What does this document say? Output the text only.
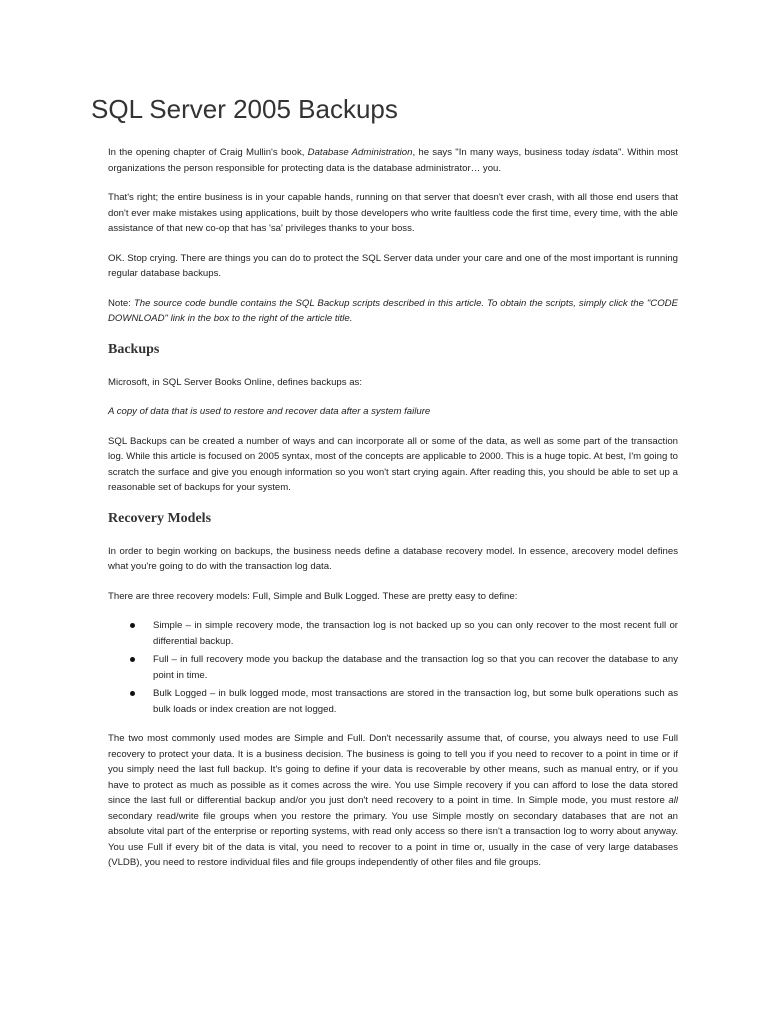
SQL Server 2005 Backups

In the opening chapter of Craig Mullin's book, Database Administration, he says "In many ways, business today isdata". Within most organizations the person responsible for protecting data is the database administrator… you.

That's right; the entire business is in your capable hands, running on that server that doesn't ever crash, with all those end users that don't ever make mistakes using applications, built by those developers who write faultless code the first time, every time, with the able assistance of that new co-op that has 'sa' privileges thanks to your boss.

OK. Stop crying. There are things you can do to protect the SQL Server data under your care and one of the most important is running regular database backups.

Note: The source code bundle contains the SQL Backup scripts described in this article. To obtain the scripts, simply click the "CODE DOWNLOAD" link in the box to the right of the article title.

Backups

Microsoft, in SQL Server Books Online, defines backups as:

A copy of data that is used to restore and recover data after a system failure

SQL Backups can be created a number of ways and can incorporate all or some of the data, as well as some part of the transaction log. While this article is focused on 2005 syntax, most of the concepts are applicable to 2000. This is a huge topic. At best, I'm going to scratch the surface and give you enough information so you won't start crying again. After reading this, you should be able to set up a reasonable set of backups for your system.

Recovery Models

In order to begin working on backups, the business needs define a database recovery model. In essence, arecovery model defines what you're going to do with the transaction log data.

There are three recovery models: Full, Simple and Bulk Logged. These are pretty easy to define:

Simple – in simple recovery mode, the transaction log is not backed up so you can only recover to the most recent full or differential backup.
Full – in full recovery mode you backup the database and the transaction log so that you can recover the database to any point in time.
Bulk Logged – in bulk logged mode, most transactions are stored in the transaction log, but some bulk operations such as bulk loads or index creation are not logged.

The two most commonly used modes are Simple and Full. Don't necessarily assume that, of course, you always need to use Full recovery to protect your data. It is a business decision. The business is going to tell you if you need to recover to a point in time or if you simply need the last full backup. It's going to define if your data is recoverable by other means, such as manual entry, or if you have to protect as much as possible as it comes across the wire. You use Simple recovery if you can afford to lose the data stored since the last full or differential backup and/or you just don't need recovery to a point in time. In Simple mode, you must restore all secondary read/write file groups when you restore the primary. You use Simple mostly on secondary databases that are not an absolute vital part of the enterprise or reporting systems, with read only access so there isn't a transaction log to worry about anyway. You use Full if every bit of the data is vital, you need to recover to a point in time or, usually in the case of very large databases (VLDB), you need to restore individual files and file groups independently of other files and file groups.
